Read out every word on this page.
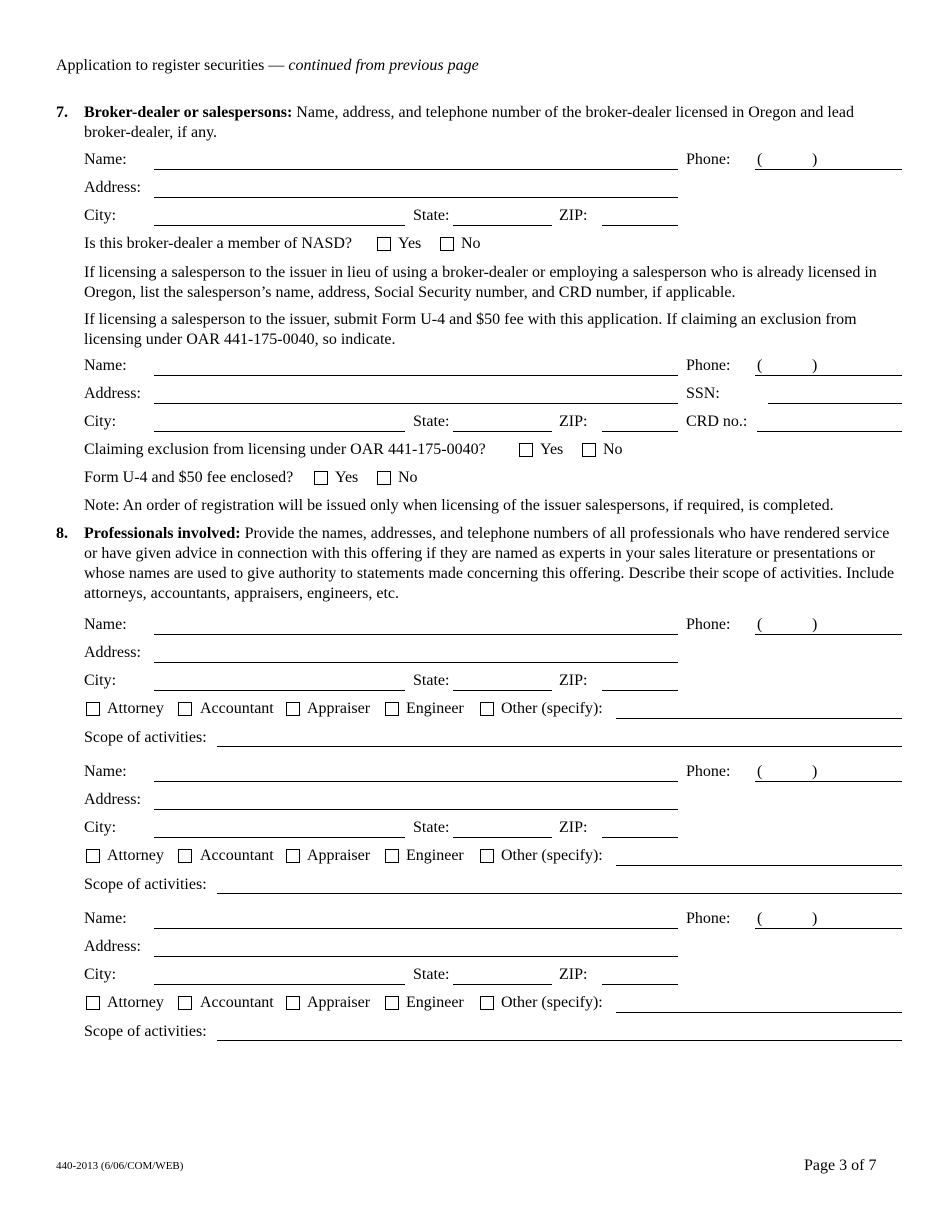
Application to register securities — continued from previous page
7. Broker-dealer or salespersons: Name, address, and telephone number of the broker-dealer licensed in Oregon and lead broker-dealer, if any.
Name:	Phone: (	)
Address:
City:	State:	ZIP:
Is this broker-dealer a member of NASD?	Yes No
If licensing a salesperson to the issuer in lieu of using a broker-dealer or employing a salesperson who is already licensed in Oregon, list the salesperson’s name, address, Social Security number, and CRD number, if applicable.
If licensing a salesperson to the issuer, submit Form U-4 and $50 fee with this application. If claiming an exclusion from licensing under OAR 441-175-0040, so indicate.
Name:	Phone: (	)
Address:	SSN:
City:	State:	ZIP:	CRD no.:
Claiming exclusion from licensing under OAR 441-175-0040?	Yes No
Form U-4 and $50 fee enclosed?	Yes No
Note: An order of registration will be issued only when licensing of the issuer salespersons, if required, is completed.
8. Professionals involved: Provide the names, addresses, and telephone numbers of all professionals who have rendered service or have given advice in connection with this offering if they are named as experts in your sales literature or presentations or whose names are used to give authority to statements made concerning this offering. Describe their scope of activities. Include attorneys, accountants, appraisers, engineers, etc.
Name:	Phone: (	)
Address:
City:	State:	ZIP:
Attorney Accountant Appraiser Engineer Other (specify):
Scope of activities:
Name:	Phone: (	)
Address:
City:	State:	ZIP:
Attorney Accountant Appraiser Engineer Other (specify):
Scope of activities:
Name:	Phone: (	)
Address:
City:	State:	ZIP:
Attorney Accountant Appraiser Engineer Other (specify):
Scope of activities:
440-2013 (6/06/COM/WEB)	Page 3 of 7
